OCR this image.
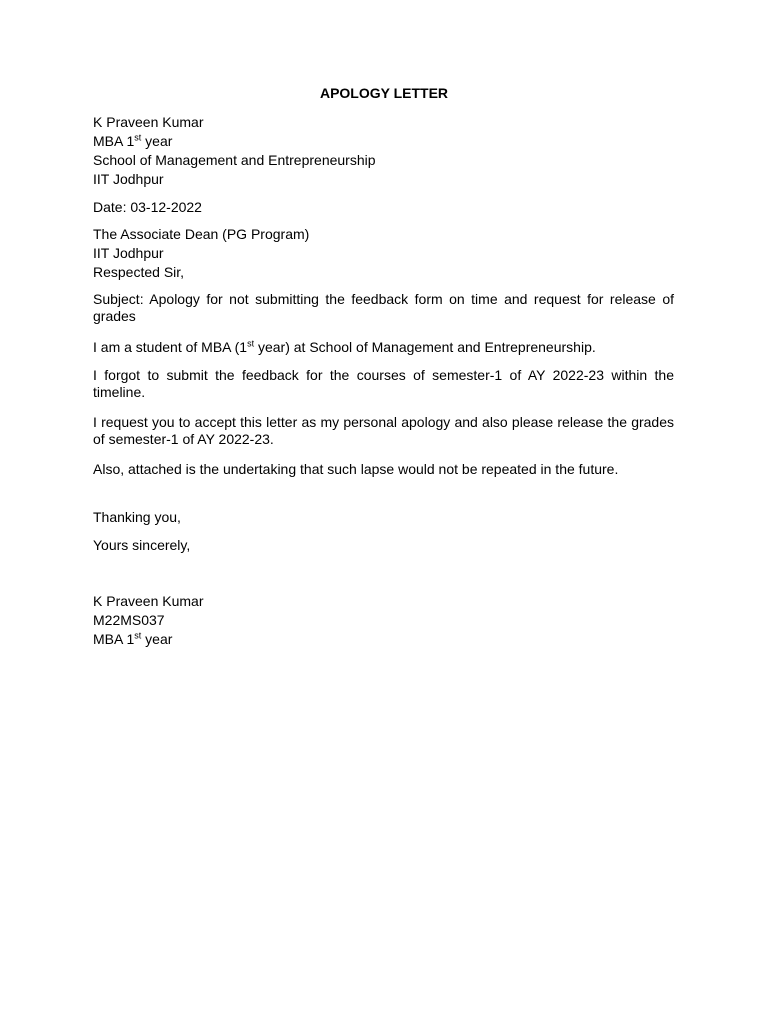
APOLOGY LETTER
K Praveen Kumar
MBA 1st year
School of Management and Entrepreneurship
IIT Jodhpur
Date: 03-12-2022
The Associate Dean (PG Program)
IIT Jodhpur
Respected Sir,
Subject: Apology for not submitting the feedback form on time and request for release of grades
I am a student of MBA (1st year) at School of Management and Entrepreneurship.
I forgot to submit the feedback for the courses of semester-1 of AY 2022-23 within the timeline.
I request you to accept this letter as my personal apology and also please release the grades of semester-1 of AY 2022-23.
Also, attached is the undertaking that such lapse would not be repeated in the future.
Thanking you,
Yours sincerely,
K Praveen Kumar
M22MS037
MBA 1st year
